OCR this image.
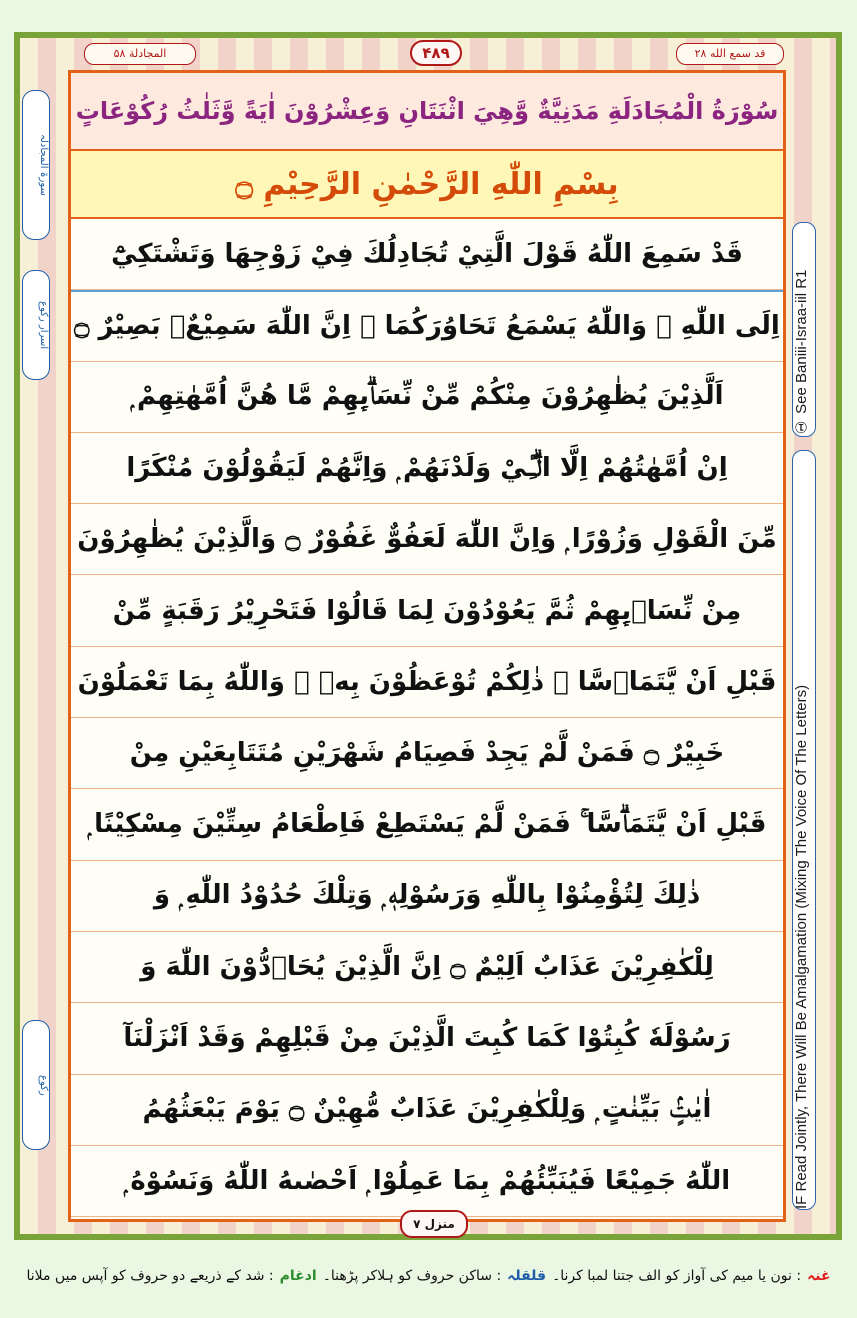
قد سمع الله ۲۸
۴۸۹
المجادلة ۵۸
سُوْرَةُ الْمُجَادَلَةِ مَدَنِيَّةٌ وَّهِيَ اثْنَتَانِ وَعِشْرُوْنَ اٰيَةً وَّثَلٰثُ رُكُوْعَاتٍ
بِسْمِ اللّٰهِ الرَّحْمٰنِ الرَّحِيْمِ ۝
قَدْ سَمِعَ اللّٰهُ قَوْلَ الَّتِيْ تُجَادِلُكَ فِيْ زَوْجِهَا وَتَشْتَكِيْٓ
اِلَى اللّٰهِ ۖ وَاللّٰهُ يَسْمَعُ تَحَاوُرَكُمَا ۭ اِنَّ اللّٰهَ سَمِيْعٌۢ بَصِيْرٌ ۝
اَلَّذِيْنَ يُظٰهِرُوْنَ مِنْكُمْ مِّنْ نِّسَاۗىِٕهِمْ مَّا هُنَّ اُمَّهٰتِهِمْ ۭ
اِنْ اُمَّهٰتُهُمْ اِلَّا الّٰۗـِٔيْ وَلَدْنَهُمْ ۭ وَاِنَّهُمْ لَيَقُوْلُوْنَ مُنْكَرًا
مِّنَ الْقَوْلِ وَزُوْرًا ۭ وَاِنَّ اللّٰهَ لَعَفُوٌّ غَفُوْرٌ ۝ وَالَّذِيْنَ يُظٰهِرُوْنَ
مِنْ نِّسَاۗىِٕهِمْ ثُمَّ يَعُوْدُوْنَ لِمَا قَالُوْا فَتَحْرِيْرُ رَقَبَةٍ مِّنْ
قَبْلِ اَنْ يَّتَمَاۗسَّا ۭ ذٰلِكُمْ تُوْعَظُوْنَ بِهٖ ۭ وَاللّٰهُ بِمَا تَعْمَلُوْنَ
خَبِيْرٌ ۝ فَمَنْ لَّمْ يَجِدْ فَصِيَامُ شَهْرَيْنِ مُتَتَابِعَيْنِ مِنْ
قَبْلِ اَنْ يَّتَمَاۗسَّا ۚ فَمَنْ لَّمْ يَسْتَطِعْ فَاِطْعَامُ سِتِّيْنَ مِسْكِيْنًا ۭ
ذٰلِكَ لِتُؤْمِنُوْا بِاللّٰهِ وَرَسُوْلِهٖ ۭ وَتِلْكَ حُدُوْدُ اللّٰهِ ۭ وَ
لِلْكٰفِرِيْنَ عَذَابٌ اَلِيْمٌ ۝ اِنَّ الَّذِيْنَ يُحَاۗدُّوْنَ اللّٰهَ وَ
رَسُوْلَهٗ كُبِتُوْا كَمَا كُبِتَ الَّذِيْنَ مِنْ قَبْلِهِمْ وَقَدْ اَنْزَلْنَآ
اٰيٰتٍۢ بَيِّنٰتٍ ۭ وَلِلْكٰفِرِيْنَ عَذَابٌ مُّهِيْنٌ ۝ يَوْمَ يَبْعَثُهُمُ
اللّٰهُ جَمِيْعًا فَيُنَبِّئُهُمْ بِمَا عَمِلُوْا ۭ اَحْصٰىهُ اللّٰهُ وَنَسُوْهُ ۭ
سورۃ المجادلہ
اسرار رکوع
رکوع
① See Baniii-Israa-iil R1
IF Read Jointly, There Will Be Amalgamation (Mixing The Voice Of The Letters)
منزل ۷
غنہ
: نون یا میم کی آواز کو الف جتنا لمبا کرنا۔
قلقلہ
: ساکن حروف کو ہلاکر پڑھنا۔
ادغام
: شد کے ذریعے دو حروف کو آپس میں ملانا
